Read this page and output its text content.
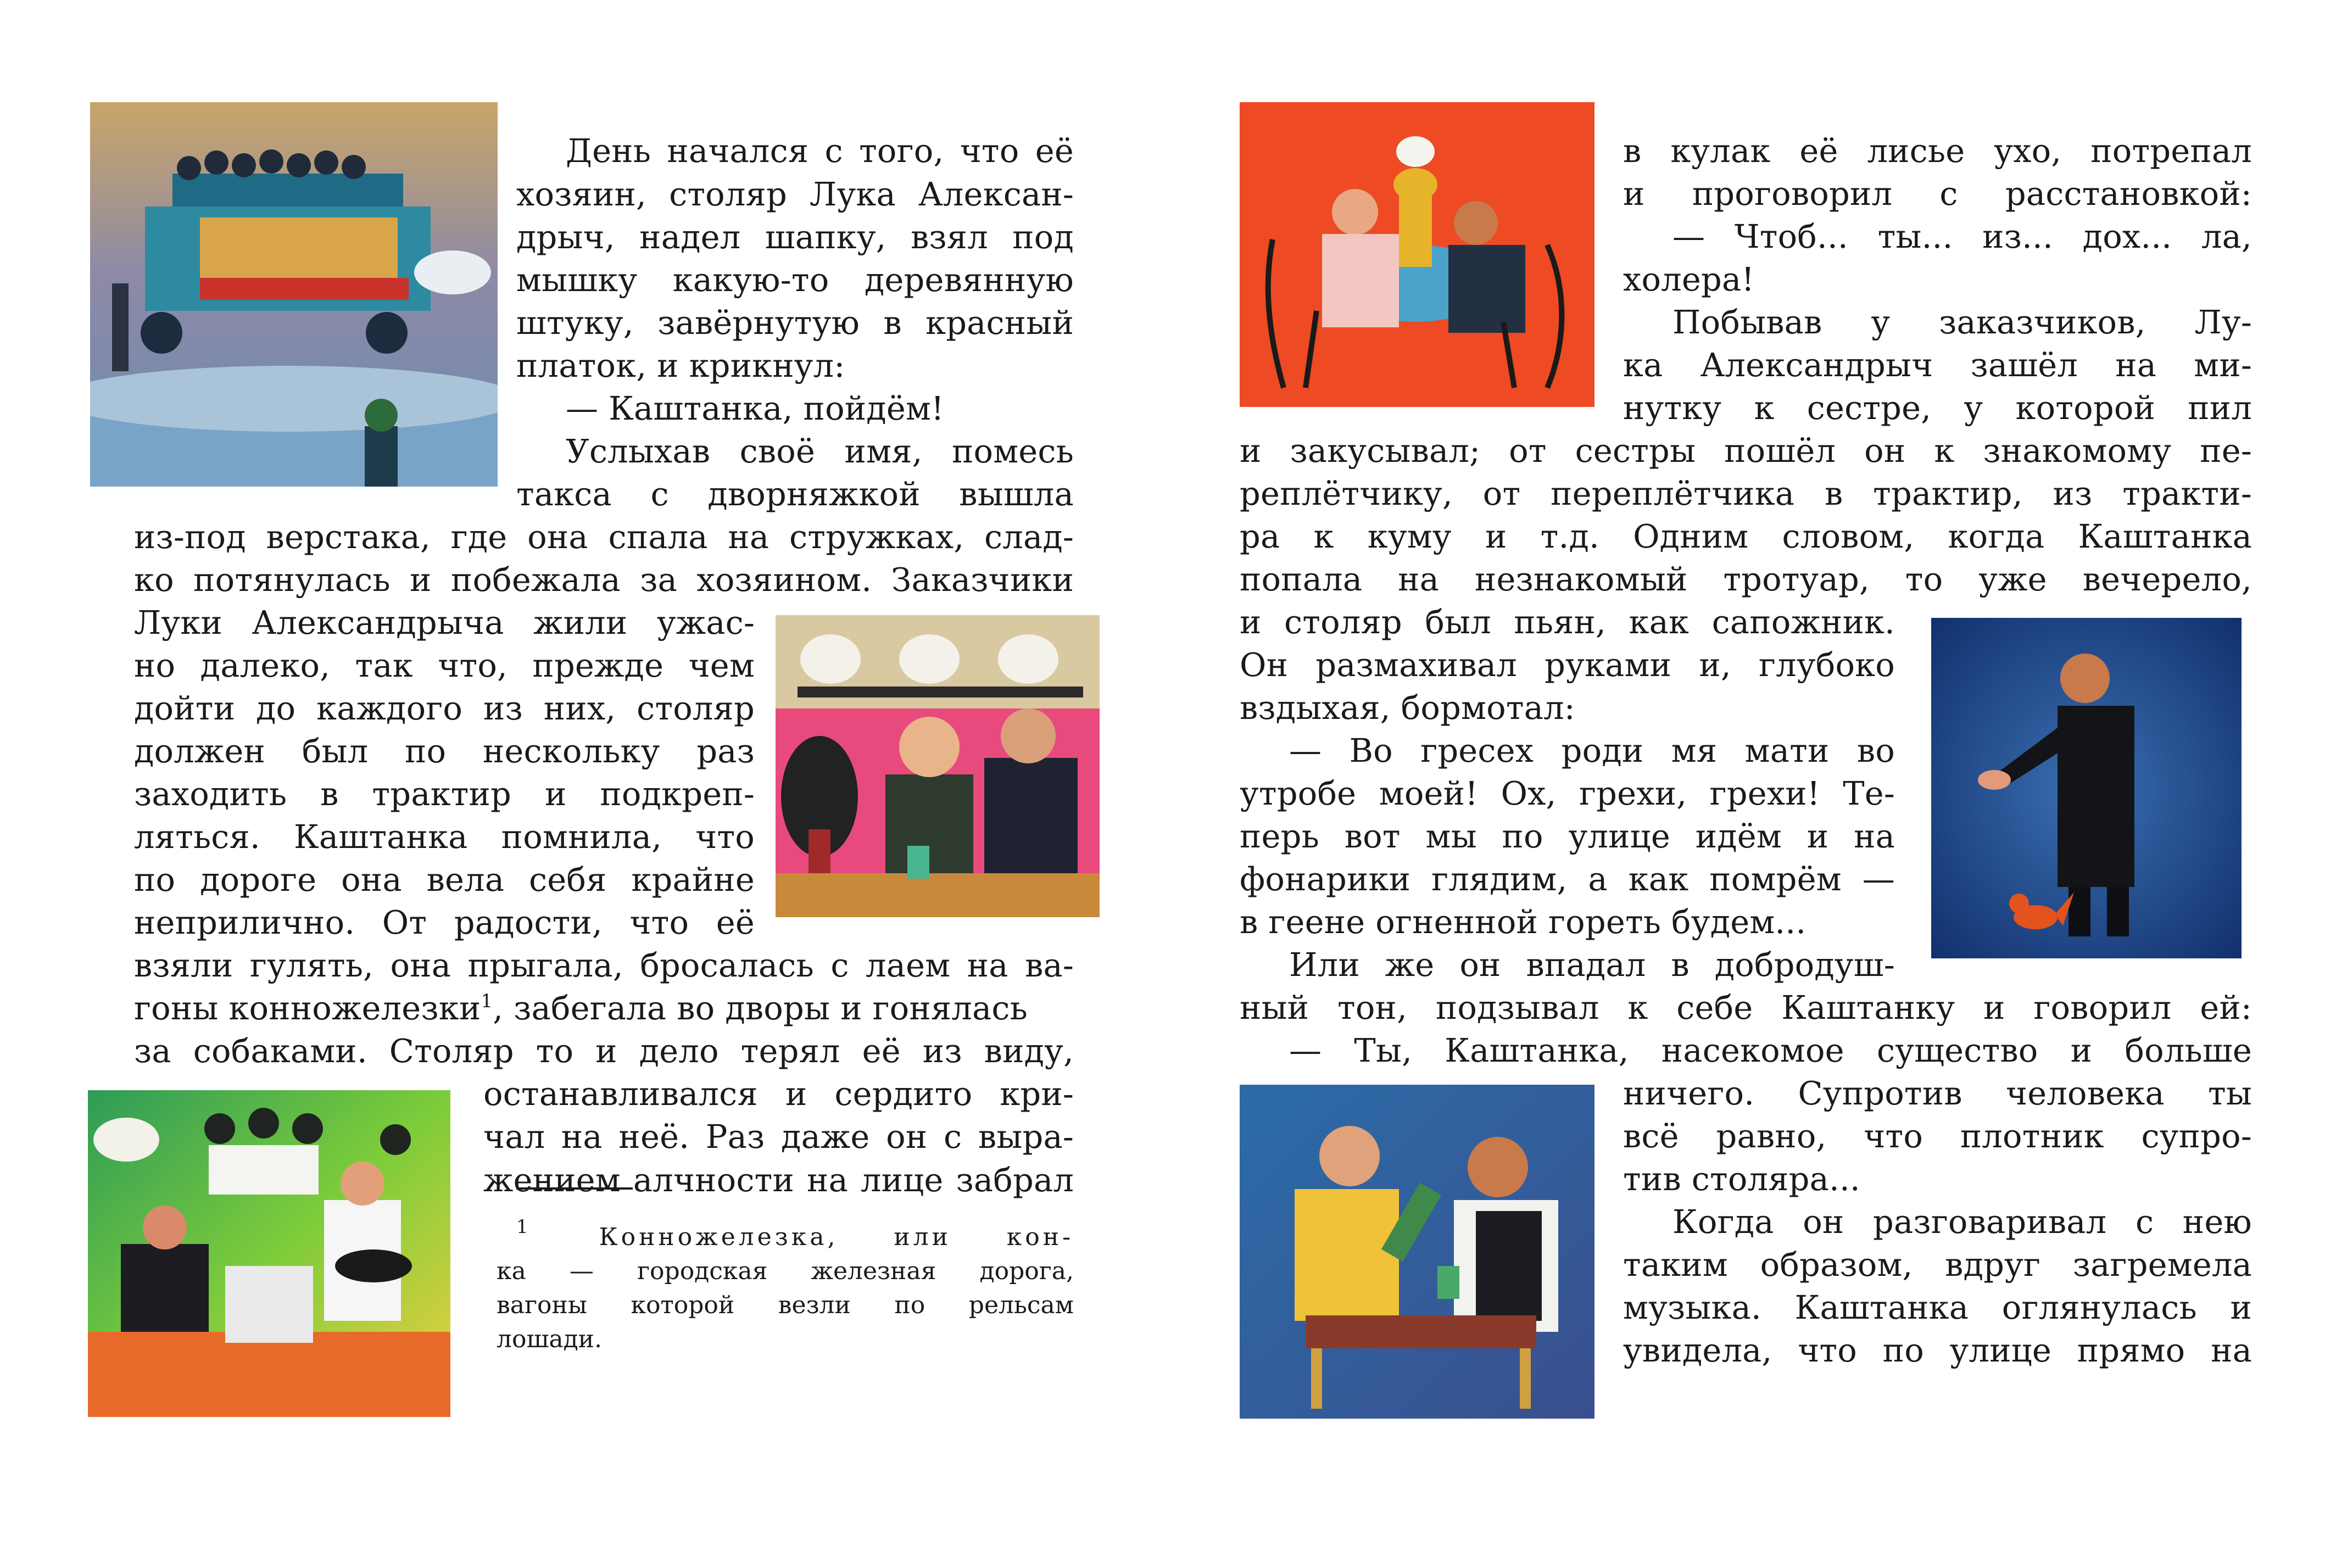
День начался с того, что её
хозяин, столяр Лука Алексан-
дрыч, надел шапку, взял под
мышку какую-то деревянную
штуку, завёрнутую в красный
платок, и крикнул:
— Каштанка, пойдём!
Услыхав своё имя, помесь
такса с дворняжкой вышла
из-под верстака, где она спала на стружках, слад-
ко потянулась и побежала за хозяином. Заказчики
Луки Александрыча жили ужас-
но далеко, так что, прежде чем
дойти до каждого из них, столяр
должен был по нескольку раз
заходить в трактир и подкреп-
ляться. Каштанка помнила, что
по дороге она вела себя крайне
неприлично. От радости, что её
взяли гулять, она прыгала, бросалась с лаем на ва-
гоны конножелезки$^1$, забегала во дворы и гонялась
за собаками. Столяр то и дело терял её из виду,
останавливался и сердито кри-
чал на неё. Раз даже он с выра-
жением алчности на лице забрал
$^1$	Конножелезка, или кон-
ка — городская железная дорога,
вагоны которой везли по рельсам
лошади.
в кулак её лисье ухо, потрепал
и проговорил с расстановкой:
— Чтоб... ты... из... дох... ла,
холера!
Побывав у заказчиков, Лу-
ка Александрыч зашёл на ми-
нутку к сестре, у которой пил
и закусывал; от сестры пошёл он к знакомому пе-
реплётчику, от переплётчика в трактир, из тракти-
ра к куму и т.д. Одним словом, когда Каштанка
попала на незнакомый тротуар, то уже вечерело,
и столяр был пьян, как сапожник.
Он размахивал руками и, глубоко
вздыхая, бормотал:
— Во гресех роди мя мати во
утробе моей! Ох, грехи, грехи! Те-
перь вот мы по улице идём и на
фонарики глядим, а как помрём —
в геене огненной гореть будем...
Или же он впадал в добродуш-
ный тон, подзывал к себе Каштанку и говорил ей:
— Ты, Каштанка, насекомое существо и больше
ничего. Супротив человека ты
всё равно, что плотник супро-
тив столяра...
Когда он разговаривал с нею
таким образом, вдруг загремела
музыка. Каштанка оглянулась и
увидела, что по улице прямо на
